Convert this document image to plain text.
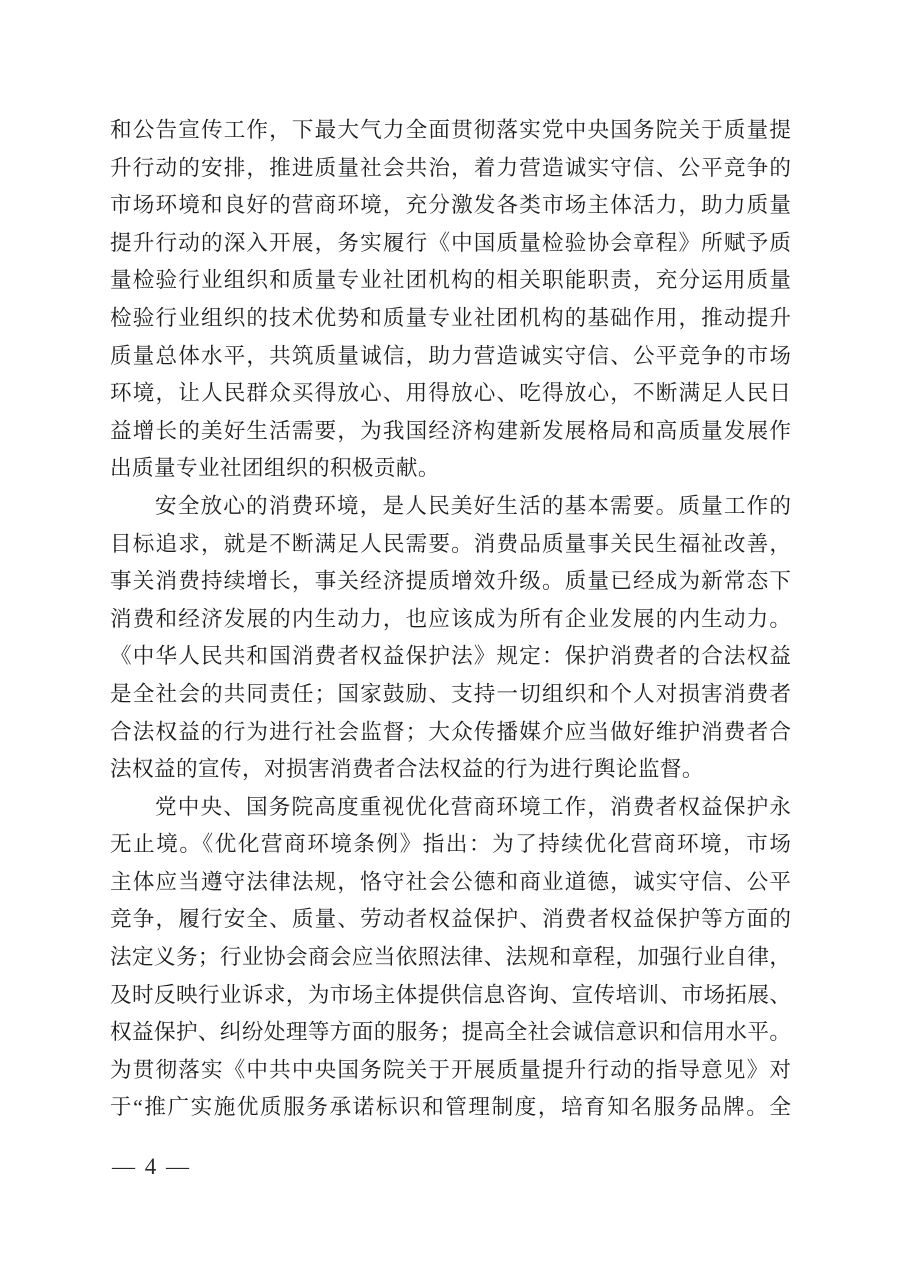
和公告宣传工作，下最大气力全面贯彻落实党中央国务院关于质量提
升行动的安排，推进质量社会共治，着力营造诚实守信、公平竞争的
市场环境和良好的营商环境，充分激发各类市场主体活力，助力质量
提升行动的深入开展，务实履行《中国质量检验协会章程》所赋予质
量检验行业组织和质量专业社团机构的相关职能职责，充分运用质量
检验行业组织的技术优势和质量专业社团机构的基础作用，推动提升
质量总体水平，共筑质量诚信，助力营造诚实守信、公平竞争的市场
环境，让人民群众买得放心、用得放心、吃得放心，不断满足人民日
益增长的美好生活需要，为我国经济构建新发展格局和高质量发展作
出质量专业社团组织的积极贡献。
安全放心的消费环境，是人民美好生活的基本需要。质量工作的
目标追求，就是不断满足人民需要。消费品质量事关民生福祉改善，
事关消费持续增长，事关经济提质增效升级。质量已经成为新常态下
消费和经济发展的内生动力，也应该成为所有企业发展的内生动力。
《中华人民共和国消费者权益保护法》规定：保护消费者的合法权益
是全社会的共同责任；国家鼓励、支持一切组织和个人对损害消费者
合法权益的行为进行社会监督；大众传播媒介应当做好维护消费者合
法权益的宣传，对损害消费者合法权益的行为进行舆论监督。
党中央、国务院高度重视优化营商环境工作，消费者权益保护永
无止境。《优化营商环境条例》指出：为了持续优化营商环境，市场
主体应当遵守法律法规，恪守社会公德和商业道德，诚实守信、公平
竞争，履行安全、质量、劳动者权益保护、消费者权益保护等方面的
法定义务；行业协会商会应当依照法律、法规和章程，加强行业自律，
及时反映行业诉求，为市场主体提供信息咨询、宣传培训、市场拓展、
权益保护、纠纷处理等方面的服务；提高全社会诚信意识和信用水平。
为贯彻落实《中共中央国务院关于开展质量提升行动的指导意见》对
于“推广实施优质服务承诺标识和管理制度，培育知名服务品牌。全
— 4 —
